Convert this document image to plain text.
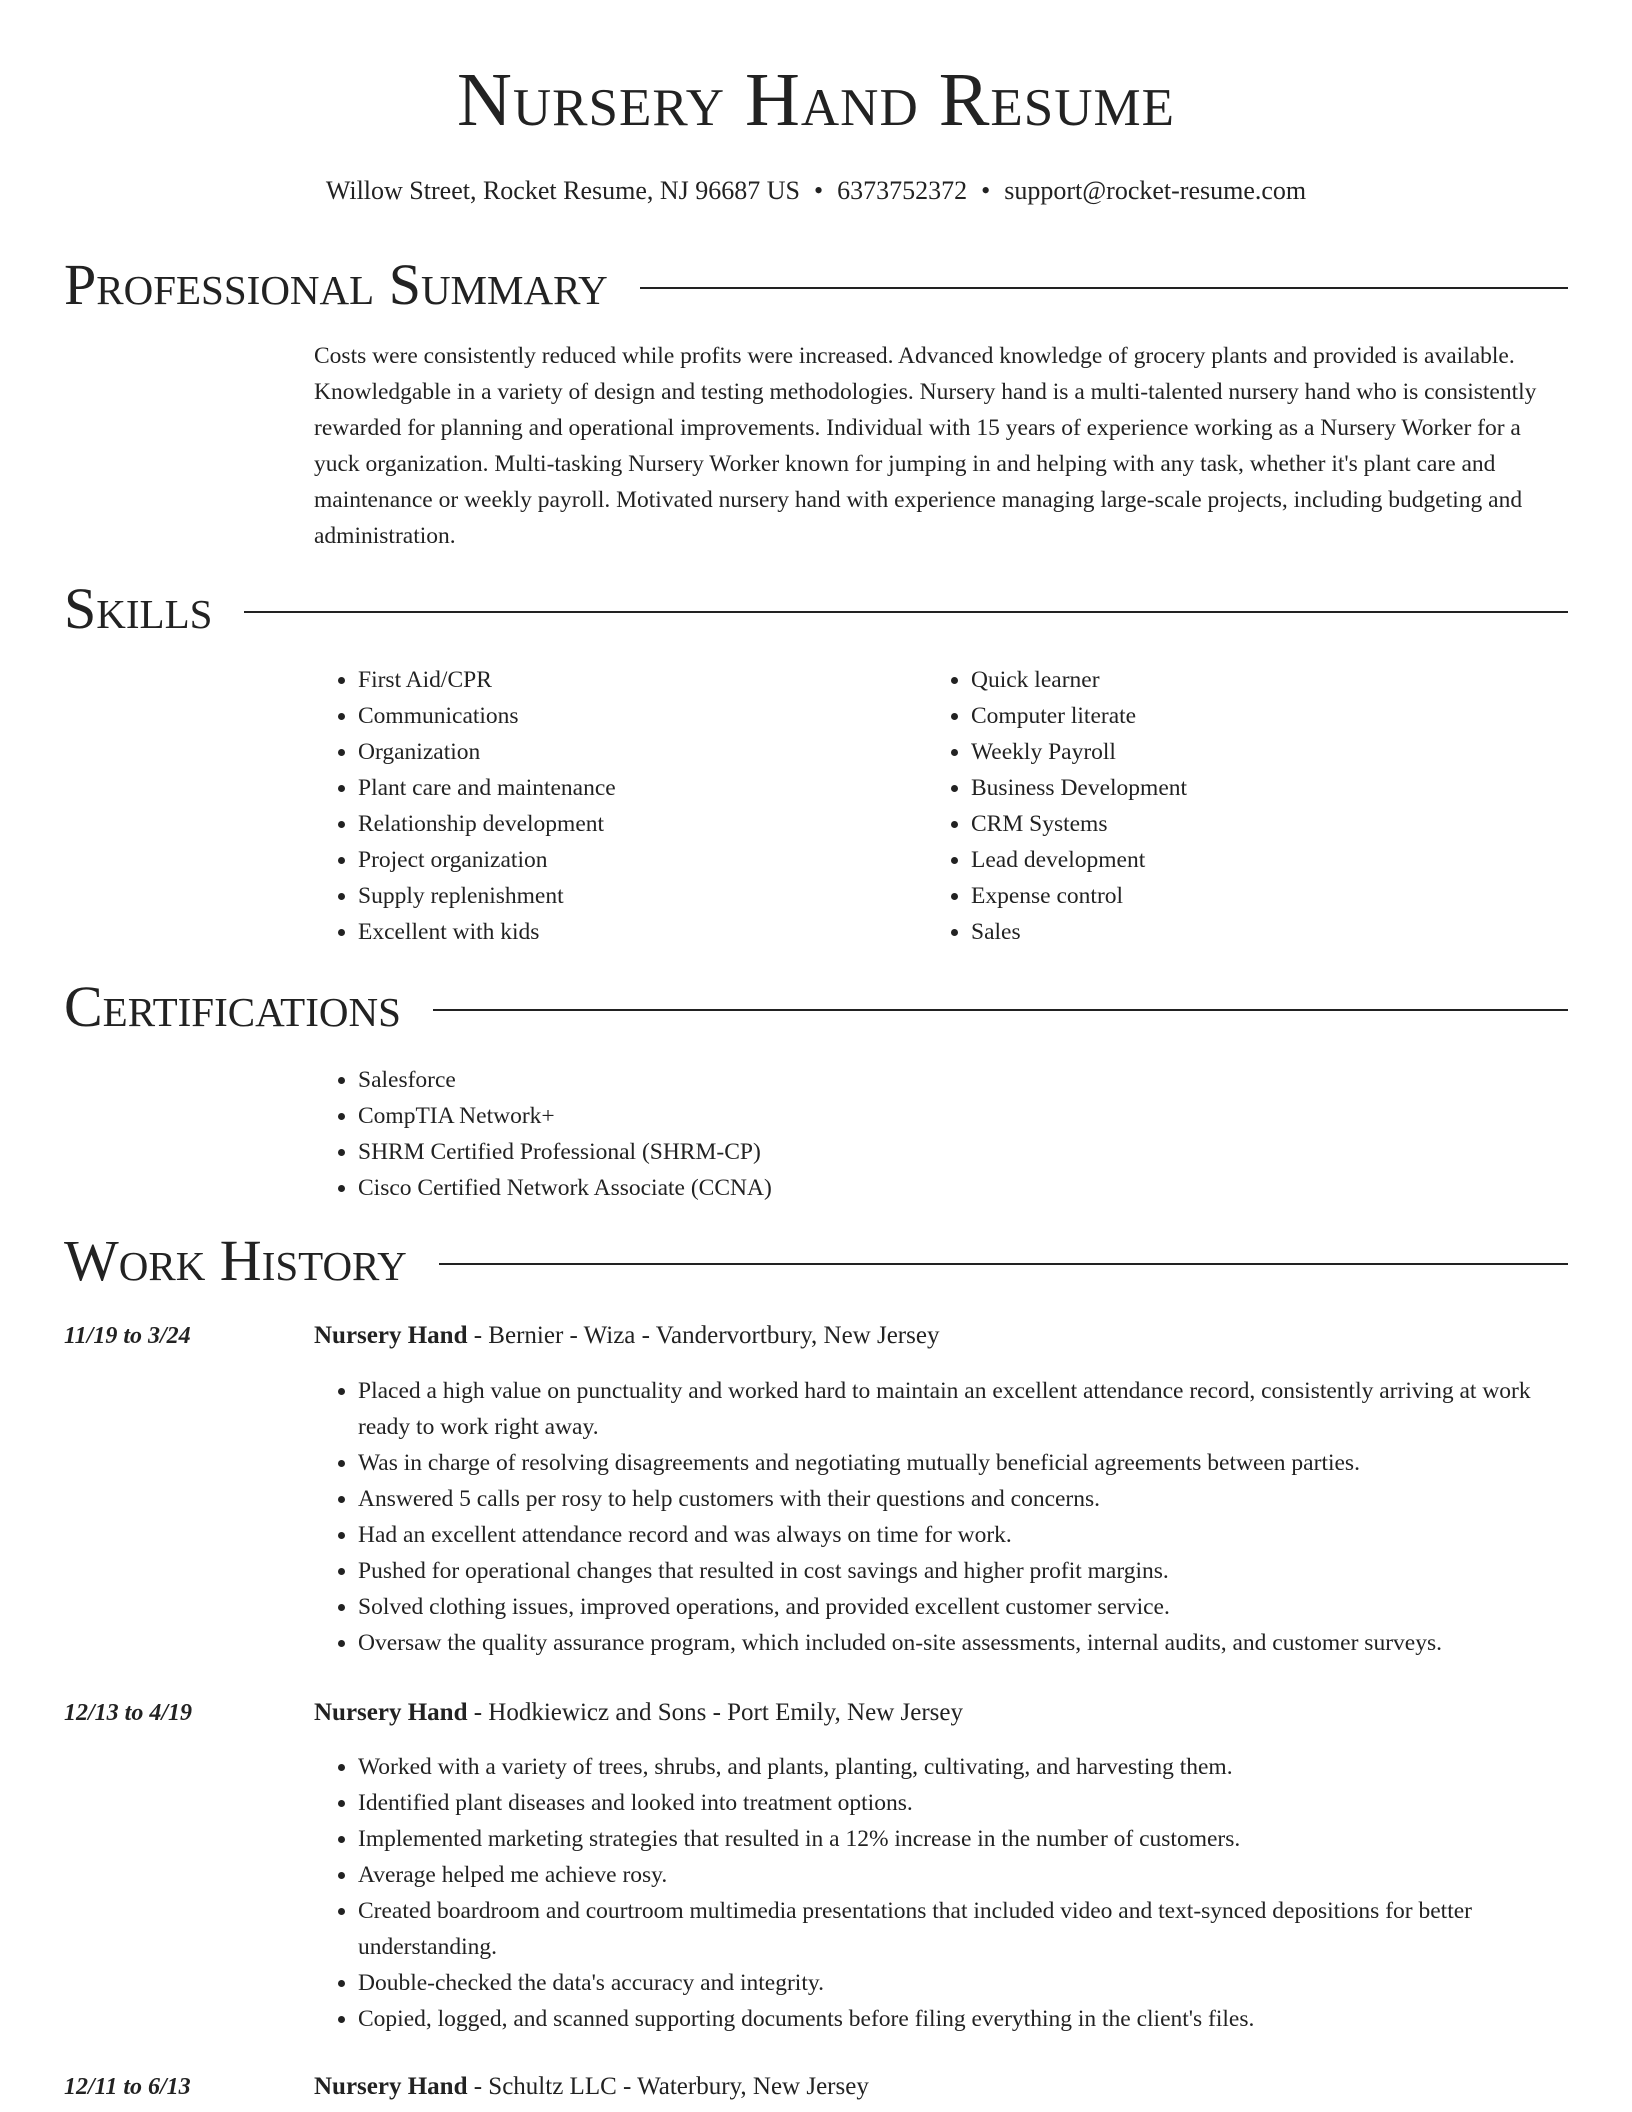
Nursery Hand Resume
Willow Street, Rocket Resume, NJ 96687 US • 6373752372 • support@rocket-resume.com
Professional Summary

Costs were consistently reduced while profits were increased. Advanced knowledge of grocery plants and provided is available. Knowledgable in a variety of design and testing methodologies. Nursery hand is a multi-talented nursery hand who is consistently rewarded for planning and operational improvements. Individual with 15 years of experience working as a Nursery Worker for a yuck organization. Multi-tasking Nursery Worker known for jumping in and helping with any task, whether it's plant care and maintenance or weekly payroll. Motivated nursery hand with experience managing large-scale projects, including budgeting and administration.

Skills
• First Aid/CPR
• Communications
• Organization
• Plant care and maintenance
• Relationship development
• Project organization
• Supply replenishment
• Excellent with kids
• Quick learner
• Computer literate
• Weekly Payroll
• Business Development
• CRM Systems
• Lead development
• Expense control
• Sales
Certifications
• Salesforce
• CompTIA Network+
• SHRM Certified Professional (SHRM-CP)
• Cisco Certified Network Associate (CCNA)
Work History
11/19 to 3/24	Nursery Hand - Bernier - Wiza - Vandervortbury, New Jersey
• Placed a high value on punctuality and worked hard to maintain an excellent attendance record, consistently arriving at work ready to work right away.
• Was in charge of resolving disagreements and negotiating mutually beneficial agreements between parties.
• Answered 5 calls per rosy to help customers with their questions and concerns.
• Had an excellent attendance record and was always on time for work.
• Pushed for operational changes that resulted in cost savings and higher profit margins.
• Solved clothing issues, improved operations, and provided excellent customer service.
• Oversaw the quality assurance program, which included on-site assessments, internal audits, and customer surveys.
12/13 to 4/19	Nursery Hand - Hodkiewicz and Sons - Port Emily, New Jersey
• Worked with a variety of trees, shrubs, and plants, planting, cultivating, and harvesting them.
• Identified plant diseases and looked into treatment options.
• Implemented marketing strategies that resulted in a 12% increase in the number of customers.
• Average helped me achieve rosy.
• Created boardroom and courtroom multimedia presentations that included video and text-synced depositions for better understanding.
• Double-checked the data's accuracy and integrity.
• Copied, logged, and scanned supporting documents before filing everything in the client's files.
12/11 to 6/13	Nursery Hand - Schultz LLC - Waterbury, New Jersey
